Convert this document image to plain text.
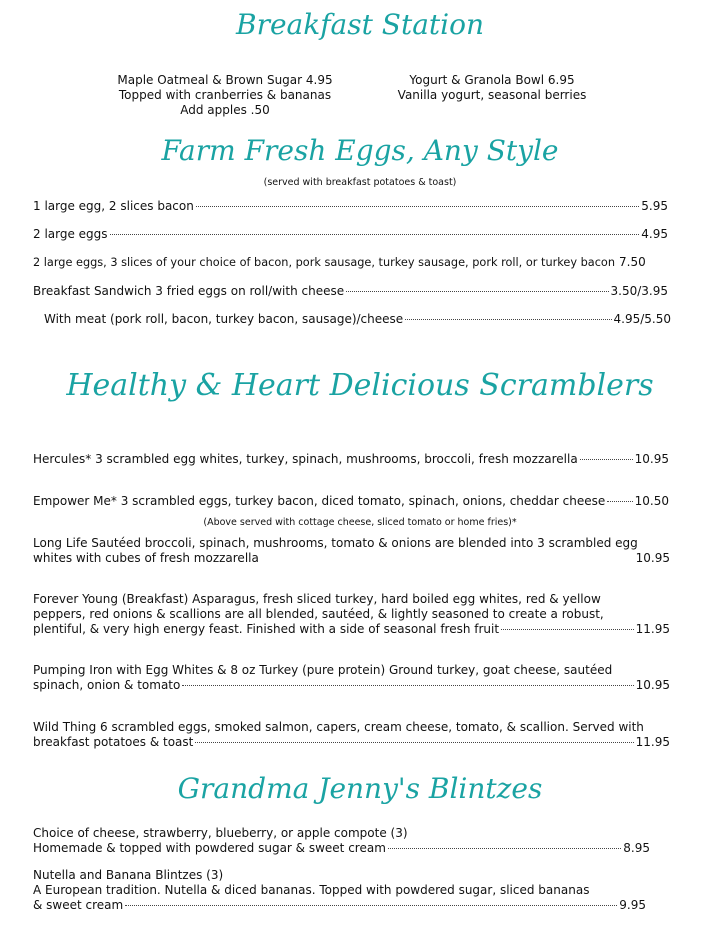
Breakfast Station
Maple Oatmeal & Brown Sugar 4.95
Topped with cranberries & bananas
Add apples .50
Yogurt & Granola Bowl 6.95
Vanilla yogurt, seasonal berries
Farm Fresh Eggs, Any Style
(served with breakfast potatoes & toast)
1 large egg, 2 slices bacon	5.95
2 large eggs	4.95
2 large eggs, 3 slices of your choice of bacon, pork sausage, turkey sausage, pork roll, or turkey bacon 7.50
Breakfast Sandwich 3 fried eggs on roll/with cheese	3.50/3.95
With meat (pork roll, bacon, turkey bacon, sausage)/cheese	4.95/5.50
Healthy & Heart Delicious Scramblers
Hercules* 3 scrambled egg whites, turkey, spinach, mushrooms, broccoli, fresh mozzarella	10.95
Empower Me* 3 scrambled eggs, turkey bacon, diced tomato, spinach, onions, cheddar cheese 10.50
(Above served with cottage cheese, sliced tomato or home fries)*
Long Life Sautéed broccoli, spinach, mushrooms, tomato & onions are blended into 3 scrambled egg
whites with cubes of fresh mozzarella	10.95
Forever Young (Breakfast) Asparagus, fresh sliced turkey, hard boiled egg whites, red & yellow
peppers, red onions & scallions are all blended, sautéed, & lightly seasoned to create a robust,
plentiful, & very high energy feast. Finished with a side of seasonal fresh fruit	11.95
Pumping Iron with Egg Whites & 8 oz Turkey (pure protein) Ground turkey, goat cheese, sautéed
spinach, onion & tomato	10.95
Wild Thing 6 scrambled eggs, smoked salmon, capers, cream cheese, tomato, & scallion. Served with
breakfast potatoes & toast	11.95
Grandma Jenny's Blintzes
Choice of cheese, strawberry, blueberry, or apple compote (3)
Homemade & topped with powdered sugar & sweet cream	8.95
Nutella and Banana Blintzes (3)
A European tradition. Nutella & diced bananas. Topped with powdered sugar, sliced bananas
& sweet cream	9.95
